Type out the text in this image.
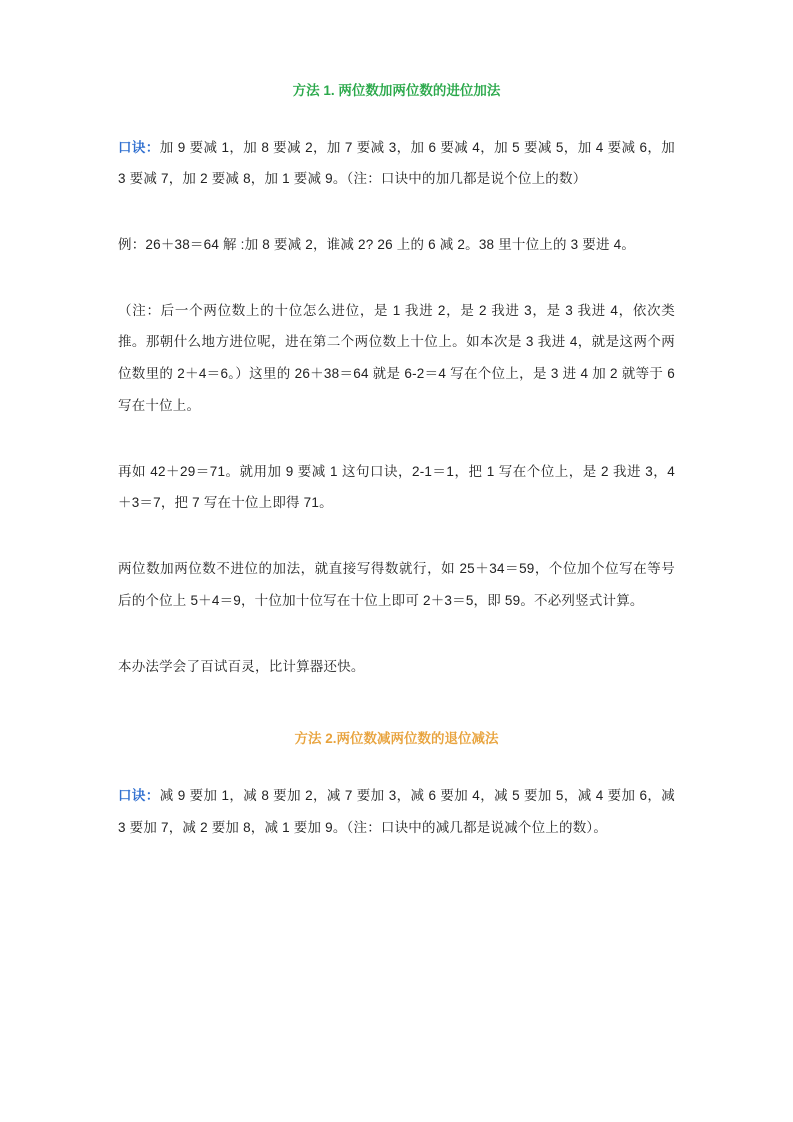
方法 1. 两位数加两位数的进位加法

口诀：加 9 要减 1，加 8 要减 2，加 7 要减 3，加 6 要减 4，加 5 要减 5，加 4 要减 6，加 3 要减 7，加 2 要减 8，加 1 要减 9。（注：口诀中的加几都是说个位上的数）

例：26＋38＝64 解 :加 8 要减 2，谁减 2? 26 上的 6 减 2。38 里十位上的 3 要进 4。

（注：后一个两位数上的十位怎么进位，是 1 我进 2，是 2 我进 3，是 3 我进 4，依次类推。那朝什么地方进位呢，进在第二个两位数上十位上。如本次是 3 我进 4，就是这两个两位数里的 2＋4＝6。）这里的 26＋38＝64 就是 6-2＝4 写在个位上，是 3 进 4 加 2 就等于 6 写在十位上。

再如 42＋29＝71。就用加 9 要减 1 这句口诀，2-1＝1，把 1 写在个位上，是 2 我进 3，4＋3＝7，把 7 写在十位上即得 71。

两位数加两位数不进位的加法，就直接写得数就行，如 25＋34＝59，个位加个位写在等号后的个位上 5＋4＝9，十位加十位写在十位上即可 2＋3＝5，即 59。不必列竖式计算。

本办法学会了百试百灵，比计算器还快。

方法 2.两位数减两位数的退位减法

口诀：减 9 要加 1，减 8 要加 2，减 7 要加 3，减 6 要加 4，减 5 要加 5，减 4 要加 6，减 3 要加 7，减 2 要加 8，减 1 要加 9。（注：口诀中的减几都是说减个位上的数）。
